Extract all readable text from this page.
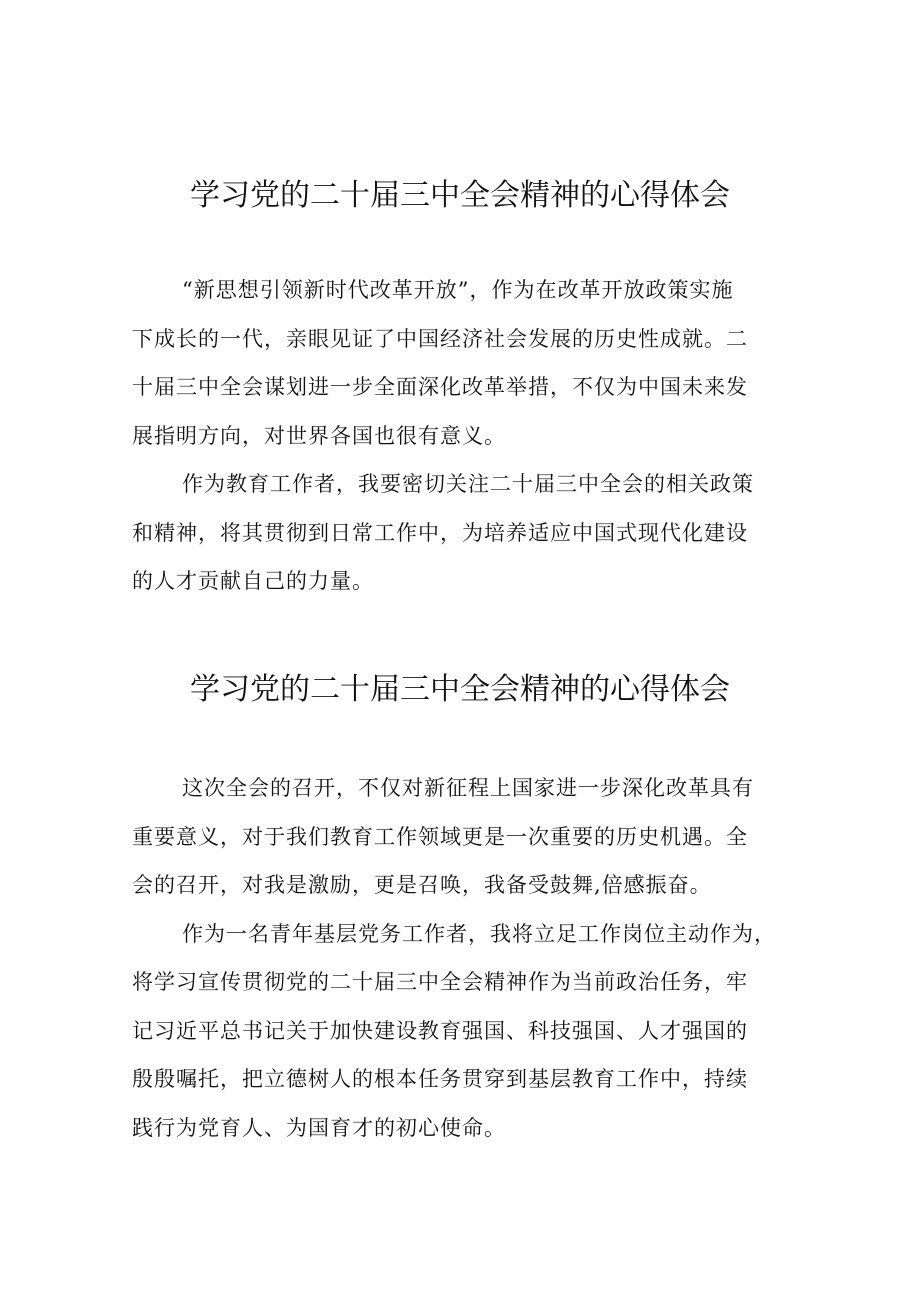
学习党的二十届三中全会精神的心得体会
“新思想引领新时代改革开放”，作为在改革开放政策实施
下成长的一代，亲眼见证了中国经济社会发展的历史性成就。二
十届三中全会谋划进一步全面深化改革举措，不仅为中国未来发
展指明方向，对世界各国也很有意义。
作为教育工作者，我要密切关注二十届三中全会的相关政策
和精神，将其贯彻到日常工作中，为培养适应中国式现代化建设
的人才贡献自己的力量。
学习党的二十届三中全会精神的心得体会
这次全会的召开，不仅对新征程上国家进一步深化改革具有
重要意义，对于我们教育工作领域更是一次重要的历史机遇。全
会的召开，对我是激励，更是召唤，我备受鼓舞,倍感振奋。
作为一名青年基层党务工作者，我将立足工作岗位主动作为，
将学习宣传贯彻党的二十届三中全会精神作为当前政治任务，牢
记习近平总书记关于加快建设教育强国、科技强国、人才强国的
殷殷嘱托，把立德树人的根本任务贯穿到基层教育工作中，持续
践行为党育人、为国育才的初心使命。
